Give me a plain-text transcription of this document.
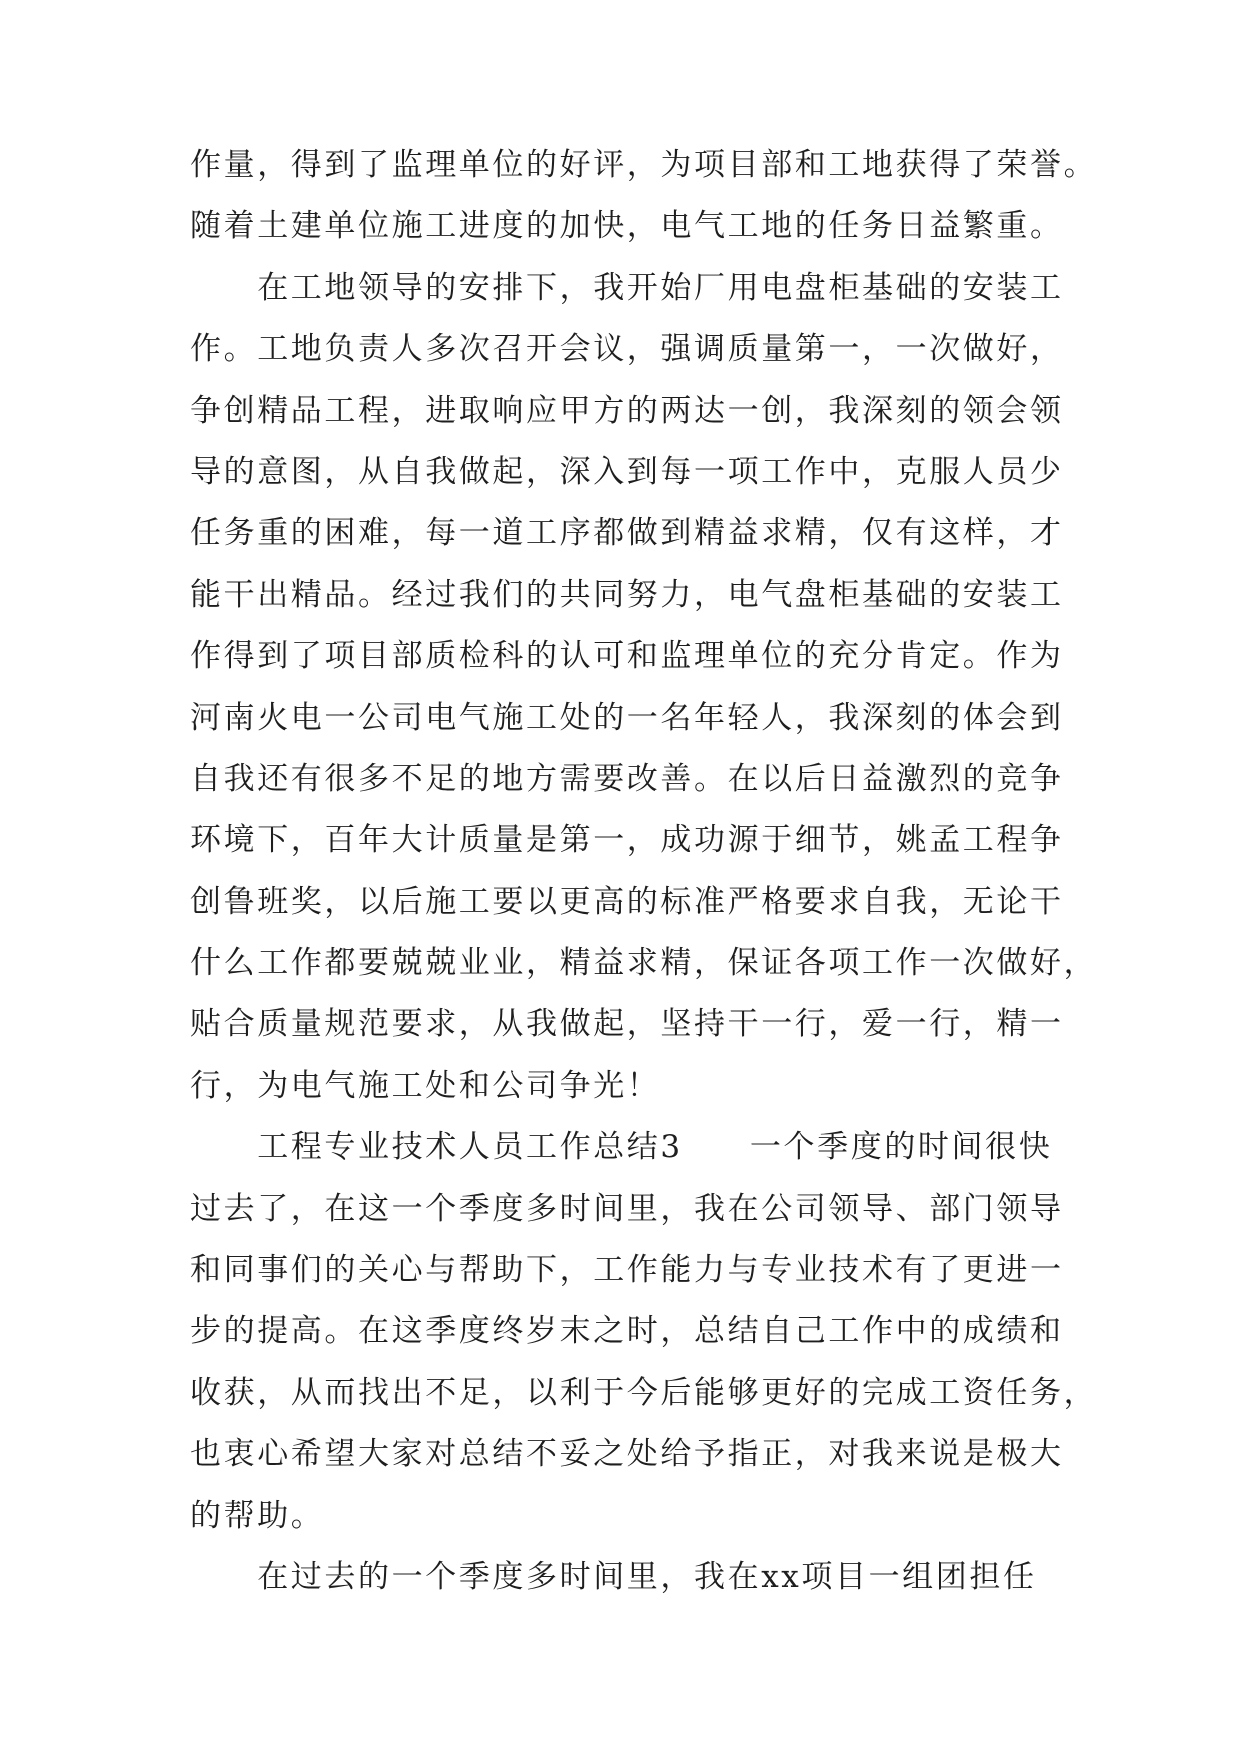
作量，得到了监理单位的好评，为项目部和工地获得了荣誉。
随着土建单位施工进度的加快，电气工地的任务日益繁重。
　　在工地领导的安排下，我开始厂用电盘柜基础的安装工
作。工地负责人多次召开会议，强调质量第一，一次做好，
争创精品工程，进取响应甲方的两达一创，我深刻的领会领
导的意图，从自我做起，深入到每一项工作中，克服人员少
任务重的困难，每一道工序都做到精益求精，仅有这样，才
能干出精品。经过我们的共同努力，电气盘柜基础的安装工
作得到了项目部质检科的认可和监理单位的充分肯定。作为
河南火电一公司电气施工处的一名年轻人，我深刻的体会到
自我还有很多不足的地方需要改善。在以后日益激烈的竞争
环境下，百年大计质量是第一，成功源于细节，姚孟工程争
创鲁班奖，以后施工要以更高的标准严格要求自我，无论干
什么工作都要兢兢业业，精益求精，保证各项工作一次做好，
贴合质量规范要求，从我做起，坚持干一行，爱一行，精一
行，为电气施工处和公司争光！
　　工程专业技术人员工作总结3　　一个季度的时间很快
过去了，在这一个季度多时间里，我在公司领导、部门领导
和同事们的关心与帮助下，工作能力与专业技术有了更进一
步的提高。在这季度终岁末之时，总结自己工作中的成绩和
收获，从而找出不足，以利于今后能够更好的完成工资任务，
也衷心希望大家对总结不妥之处给予指正，对我来说是极大
的帮助。
　　在过去的一个季度多时间里，我在xx项目一组团担任
